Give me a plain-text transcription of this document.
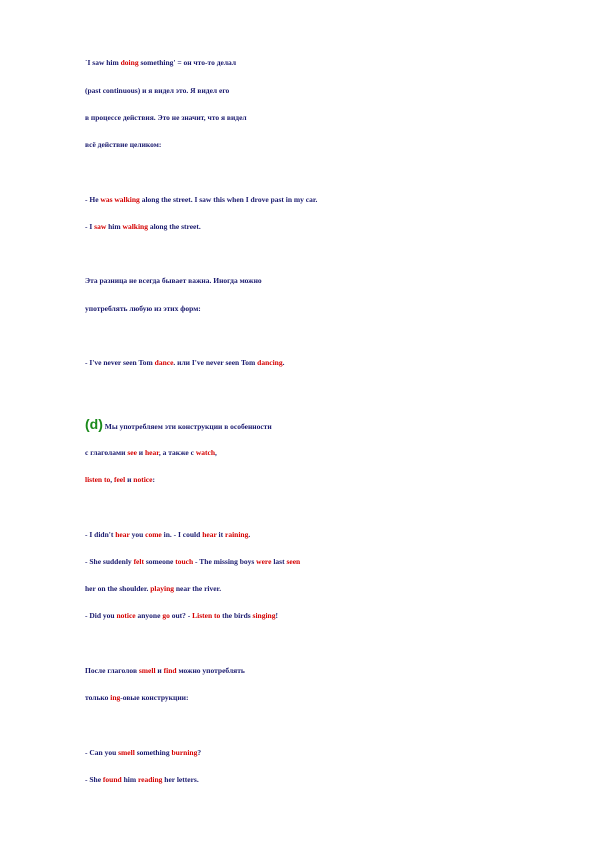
`I saw him doing something' = он что-то делал
(past continuous) и я видел это. Я видел его
в процессе действия. Это не значит, что я видел
всё действие целиком:
- He was walking along the street. I saw this when I drove past in my car.
- I saw him walking along the street.
Эта разница не всегда бывает важна. Иногда можно
употреблять любую из этих форм:
- I've never seen Tom dance. или I've never seen Tom dancing.
(d) Мы употребляем эти конструкции в особенности
с глаголами see и hear, а также с watch,
listen to, feel и notice:
- I didn't hear you come in. - I could hear it raining.
- She suddenly felt someone touch - The missing boys were last seen
her on the shoulder. playing near the river.
- Did you notice anyone go out? - Listen to the birds singing!
После глаголов smell и find можно употреблять
только ing-овые конструкции:
- Can you smell something burning?
- She found him reading her letters.
